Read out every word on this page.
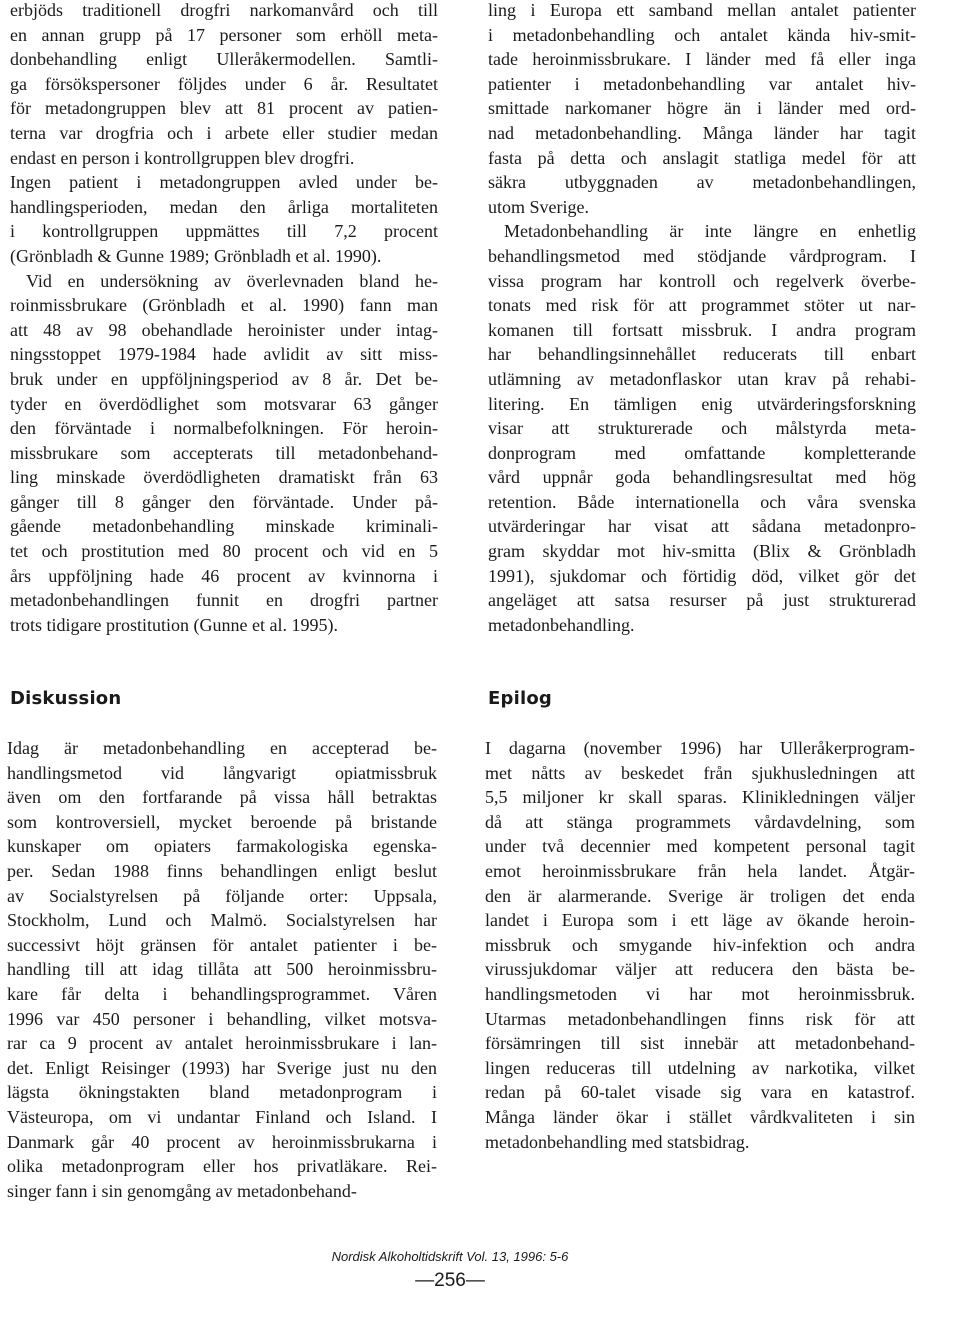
erbjöds traditionell drogfri narkomanvård och till
en annan grupp på 17 personer som erhöll meta-
donbehandling enligt Ulleråkermodellen. Samtli-
ga försökspersoner följdes under 6 år. Resultatet
för metadongruppen blev att 81 procent av patien-
terna var drogfria och i arbete eller studier medan
endast en person i kontrollgruppen blev drogfri.
Ingen patient i metadongruppen avled under be-
handlingsperioden, medan den årliga mortaliteten
i kontrollgruppen uppmättes till 7,2 procent
(Grönbladh & Gunne 1989; Grönbladh et al. 1990).
Vid en undersökning av överlevnaden bland he-
roinmissbrukare (Grönbladh et al. 1990) fann man
att 48 av 98 obehandlade heroinister under intag-
ningsstoppet 1979-1984 hade avlidit av sitt miss-
bruk under en uppföljningsperiod av 8 år. Det be-
tyder en överdödlighet som motsvarar 63 gånger
den förväntade i normalbefolkningen. För heroin-
missbrukare som accepterats till metadonbehand-
ling minskade överdödligheten dramatiskt från 63
gånger till 8 gånger den förväntade. Under på-
gående metadonbehandling minskade kriminali-
tet och prostitution med 80 procent och vid en 5
års uppföljning hade 46 procent av kvinnorna i
metadonbehandlingen funnit en drogfri partner
trots tidigare prostitution (Gunne et al. 1995).
ling i Europa ett samband mellan antalet patienter
i metadonbehandling och antalet kända hiv-smit-
tade heroinmissbrukare. I länder med få eller inga
patienter i metadonbehandling var antalet hiv-
smittade narkomaner högre än i länder med ord-
nad metadonbehandling. Många länder har tagit
fasta på detta och anslagit statliga medel för att
säkra utbyggnaden av metadonbehandlingen,
utom Sverige.
Metadonbehandling är inte längre en enhetlig
behandlingsmetod med stödjande vårdprogram. I
vissa program har kontroll och regelverk överbe-
tonats med risk för att programmet stöter ut nar-
komanen till fortsatt missbruk. I andra program
har behandlingsinnehållet reducerats till enbart
utlämning av metadonflaskor utan krav på rehabi-
litering. En tämligen enig utvärderingsforskning
visar att strukturerade och målstyrda meta-
donprogram med omfattande kompletterande
vård uppnår goda behandlingsresultat med hög
retention. Både internationella och våra svenska
utvärderingar har visat att sådana metadonpro-
gram skyddar mot hiv-smitta (Blix & Grönbladh
1991), sjukdomar och förtidig död, vilket gör det
angeläget att satsa resurser på just strukturerad
metadonbehandling.
Diskussion	Epilog
Idag är metadonbehandling en accepterad be-
handlingsmetod vid långvarigt opiatmissbruk
även om den fortfarande på vissa håll betraktas
som kontroversiell, mycket beroende på bristande
kunskaper om opiaters farmakologiska egenska-
per. Sedan 1988 finns behandlingen enligt beslut
av Socialstyrelsen på följande orter: Uppsala,
Stockholm, Lund och Malmö. Socialstyrelsen har
successivt höjt gränsen för antalet patienter i be-
handling till att idag tillåta att 500 heroinmissbru-
kare får delta i behandlingsprogrammet. Våren
1996 var 450 personer i behandling, vilket motsva-
rar ca 9 procent av antalet heroinmissbrukare i lan-
det. Enligt Reisinger (1993) har Sverige just nu den
lägsta ökningstakten bland metadonprogram i
Västeuropa, om vi undantar Finland och Island. I
Danmark går 40 procent av heroinmissbrukarna i
olika metadonprogram eller hos privatläkare. Rei-
singer fann i sin genomgång av metadonbehand-
I dagarna (november 1996) har Ulleråkerprogram-
met nåtts av beskedet från sjukhusledningen att
5,5 miljoner kr skall sparas. Klinikledningen väljer
då att stänga programmets vårdavdelning, som
under två decennier med kompetent personal tagit
emot heroinmissbrukare från hela landet. Åtgär-
den är alarmerande. Sverige är troligen det enda
landet i Europa som i ett läge av ökande heroin-
missbruk och smygande hiv-infektion och andra
virussjukdomar väljer att reducera den bästa be-
handlingsmetoden vi har mot heroinmissbruk.
Utarmas metadonbehandlingen finns risk för att
försämringen till sist innebär att metadonbehand-
lingen reduceras till utdelning av narkotika, vilket
redan på 60-talet visade sig vara en katastrof.
Många länder ökar i stället vårdkvaliteten i sin
metadonbehandling med statsbidrag.
Nordisk Alkoholtidskrift Vol. 13, 1996: 5-6
—256—
